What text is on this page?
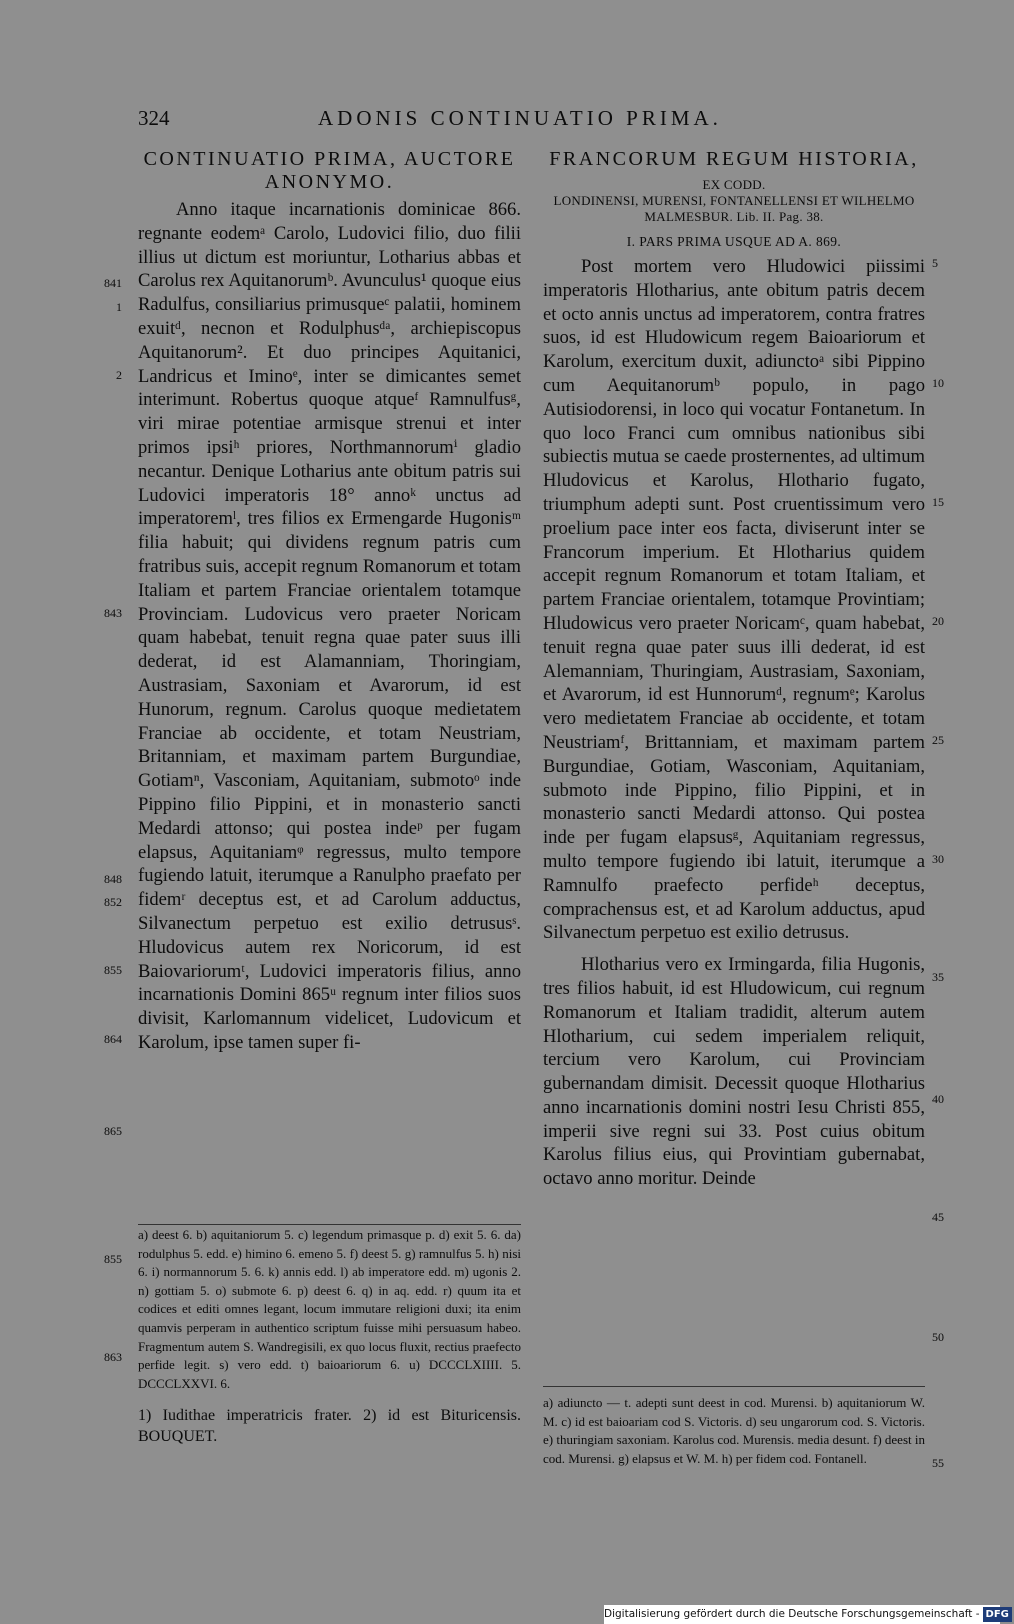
324	ADONIS CONTINUATIO PRIMA.

CONTINUATIO PRIMA, AUCTORE ANONYMO.

Anno itaque incarnationis dominicae 866. regnante eodemᵃ Carolo, Ludovici filio, duo filii illius ut dictum est moriuntur, Lotharius abbas et Carolus rex Aquitanorumᵇ. Avunculus¹ quoque eius Radulfus, consiliarius primusqueᶜ palatii, hominem exuitᵈ, necnon et Rodulphusᵈᵃ, archiepiscopus Aquitanorum². Et duo principes Aquitanici, Landricus et Iminoᵉ, inter se dimicantes semet interimunt. Robertus quoque atqueᶠ Ramnulfusᵍ, viri mirae potentiae armisque strenui et inter primos ipsiʰ priores, Northmannorumⁱ gladio necantur. Denique Lotharius ante obitum patris sui Ludovici imperatoris 18° annoᵏ unctus ad imperatoremˡ, tres filios ex Ermengarde Hugonisᵐ filia habuit; qui dividens regnum patris cum fratribus suis, accepit regnum Romanorum et totam Italiam et partem Franciae orientalem totamque Provinciam. Ludovicus vero praeter Noricam quam habebat, tenuit regna quae pater suus illi dederat, id est Alamanniam, Thoringiam, Austrasiam, Saxoniam et Avarorum, id est Hunorum, regnum. Carolus quoque medietatem Franciae ab occidente, et totam Neustriam, Britanniam, et maximam partem Burgundiae, Gotiamⁿ, Vasconiam, Aquitaniam, submotoᵒ inde Pippino filio Pippini, et in monasterio sancti Medardi attonso; qui postea indeᵖ per fugam elapsus, Aquitaniamᵠ regressus, multo tempore fugiendo latuit, iterumque a Ranulpho praefato per fidemʳ deceptus est, et ad Carolum adductus, Silvanectum perpetuo est exilio detrususˢ. Hludovicus autem rex Noricorum, id est Baiovariorumᵗ, Ludovici imperatoris filius, anno incarnationis Domini 865ᵘ regnum inter filios suos divisit, Karlomannum videlicet, Ludovicum et Karolum, ipse tamen super fi-

a) deest 6. b) aquitaniorum 5. c) legendum primasque p. d) exit 5. 6. da) rodulphus 5. edd. e) himino 6. emeno 5. f) deest 5. g) ramnulfus 5. h) nisi 6. i) normannorum 5. 6. k) annis edd. l) ab imperatore edd. m) ugonis 2. n) gottiam 5. o) submote 6. p) deest 6. q) in aq. edd. r) quum ita et codices et editi omnes legant, locum immutare religioni duxi; ita enim quamvis perperam in authentico scriptum fuisse mihi persuasum habeo. Fragmentum autem S. Wandregisili, ex quo locus fluxit, rectius praefecto perfide legit. s) vero edd. t) baioariorum 6. u) DCCCLXIIII. 5. DCCCLXXVI. 6.

1) Iudithae imperatricis frater. 2) id est Bituricensis. BOUQUET.

FRANCORUM REGUM HISTORIA,

EX CODD.

LONDINENSI, MURENSI, FONTANELLENSI ET WILHELMO MALMESBUR. Lib. II. Pag. 38.

I. PARS PRIMA USQUE AD A. 869.

Post mortem vero Hludowici piissimi imperatoris Hlotharius, ante obitum patris decem et octo annis unctus ad imperatorem, contra fratres suos, id est Hludowicum regem Baioariorum et Karolum, exercitum duxit, adiunctoᵃ sibi Pippino cum Aequitanorumᵇ populo, in pago Autisiodorensi, in loco qui vocatur Fontanetum. In quo loco Franci cum omnibus nationibus sibi subiectis mutua se caede prosternentes, ad ultimum Hludovicus et Karolus, Hlothario fugato, triumphum adepti sunt. Post cruentissimum vero proelium pace inter eos facta, diviserunt inter se Francorum imperium. Et Hlotharius quidem accepit regnum Romanorum et totam Italiam, et partem Franciae orientalem, totamque Provintiam; Hludowicus vero praeter Noricamᶜ, quam habebat, tenuit regna quae pater suus illi dederat, id est Alemanniam, Thuringiam, Austrasiam, Saxoniam, et Avarorum, id est Hunnorumᵈ, regnumᵉ; Karolus vero medietatem Franciae ab occidente, et totam Neustriamᶠ, Brittanniam, et maximam partem Burgundiae, Gotiam, Wasconiam, Aquitaniam, submoto inde Pippino, filio Pippini, et in monasterio sancti Medardi attonso. Qui postea inde per fugam elapsusᵍ, Aquitaniam regressus, multo tempore fugiendo ibi latuit, iterumque a Ramnulfo praefecto perfideʰ deceptus, comprachensus est, et ad Karolum adductus, apud Silvanectum perpetuo est exilio detrusus.

Hlotharius vero ex Irmingarda, filia Hugonis, tres filios habuit, id est Hludowicum, cui regnum Romanorum et Italiam tradidit, alterum autem Hlotharium, cui sedem imperialem reliquit, tercium vero Karolum, cui Provinciam gubernandam dimisit. Decessit quoque Hlotharius anno incarnationis domini nostri Iesu Christi 855, imperii sive regni sui 33. Post cuius obitum Karolus filius eius, qui Provintiam gubernabat, octavo anno moritur. Deinde

a) adiuncto — t. adepti sunt deest in cod. Murensi. b) aquitaniorum W. M. c) id est baioariam cod S. Victoris. d) seu ungarorum cod. S. Victoris. e) thuringiam saxoniam. Karolus cod. Murensis. media desunt. f) deest in cod. Murensi. g) elapsus et W. M. h) per fidem cod. Fontanell.

841
1
2
843
848
852
855
864
865
855
863
5
10
15
20
25
30
35
40
45
50
55
Digitalisierung gefördert durch die Deutsche Forschungsgemeinschaft - DFG
